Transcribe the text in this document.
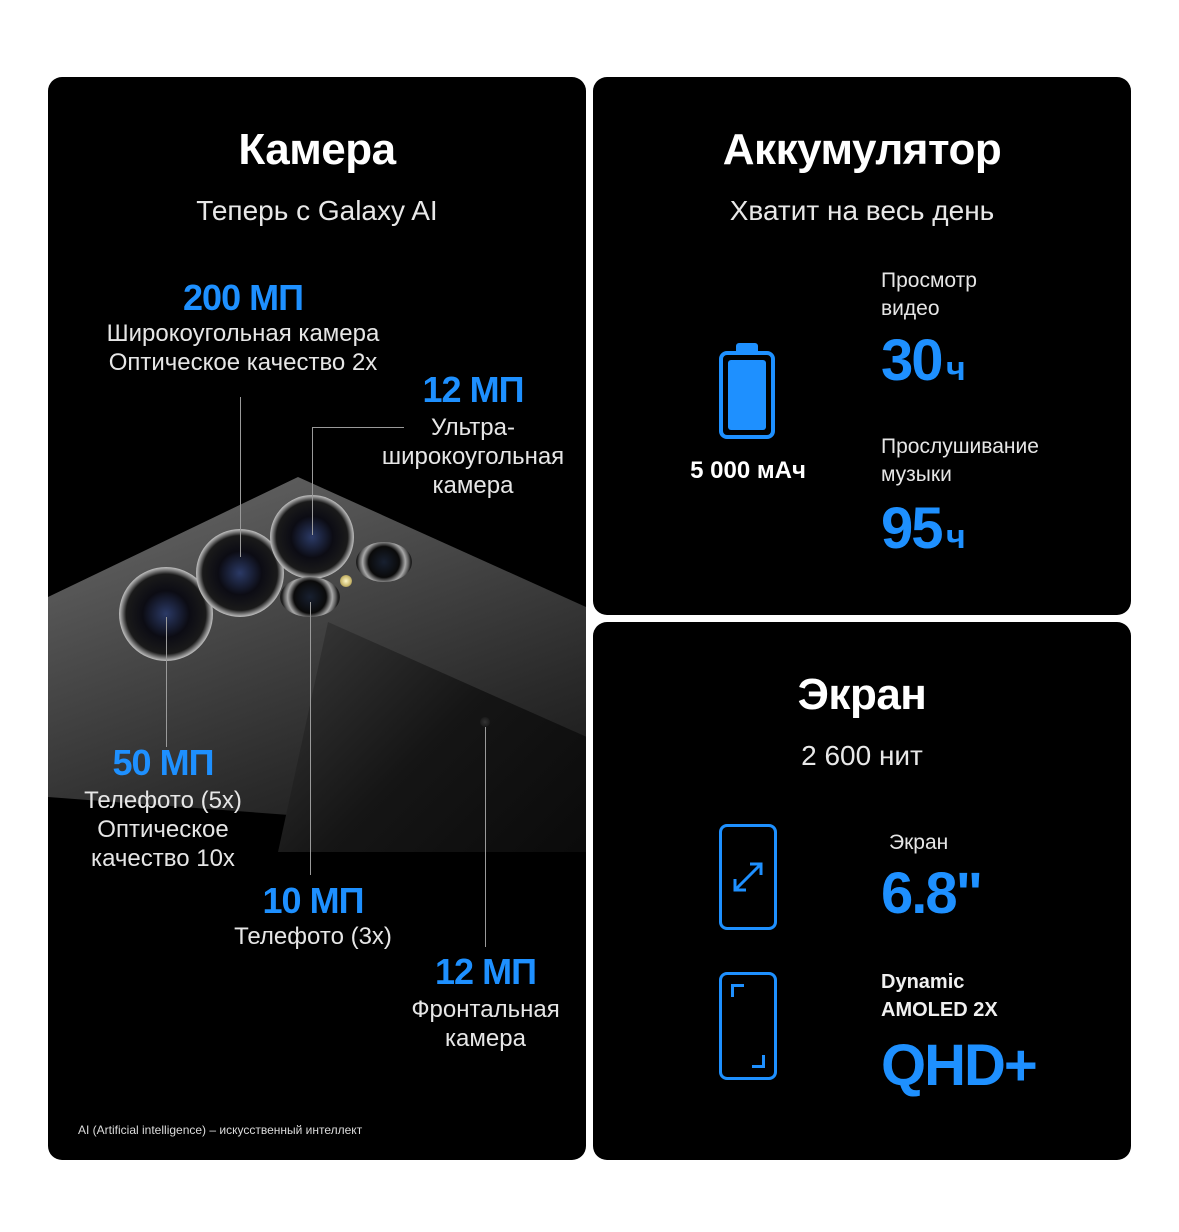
Камера
Теперь с Galaxy AI
200 МП
Широкоугольная камера
Оптическое качество 2x
12 МП
Ультра-
широкоугольная
камера
50 МП
Телефото (5x)
Оптическое
качество 10x
10 МП
Телефото (3x)
12 МП
Фронтальная
камера
AI (Artificial intelligence) – искусственный интеллект
Аккумулятор
Хватит на весь день
5 000 мАч
Просмотр
видео
30 ч
Прослушивание
музыки
95 ч
Экран
2 600 нит
Экран
6.8"
Dynamic
AMOLED 2X
QHD+
